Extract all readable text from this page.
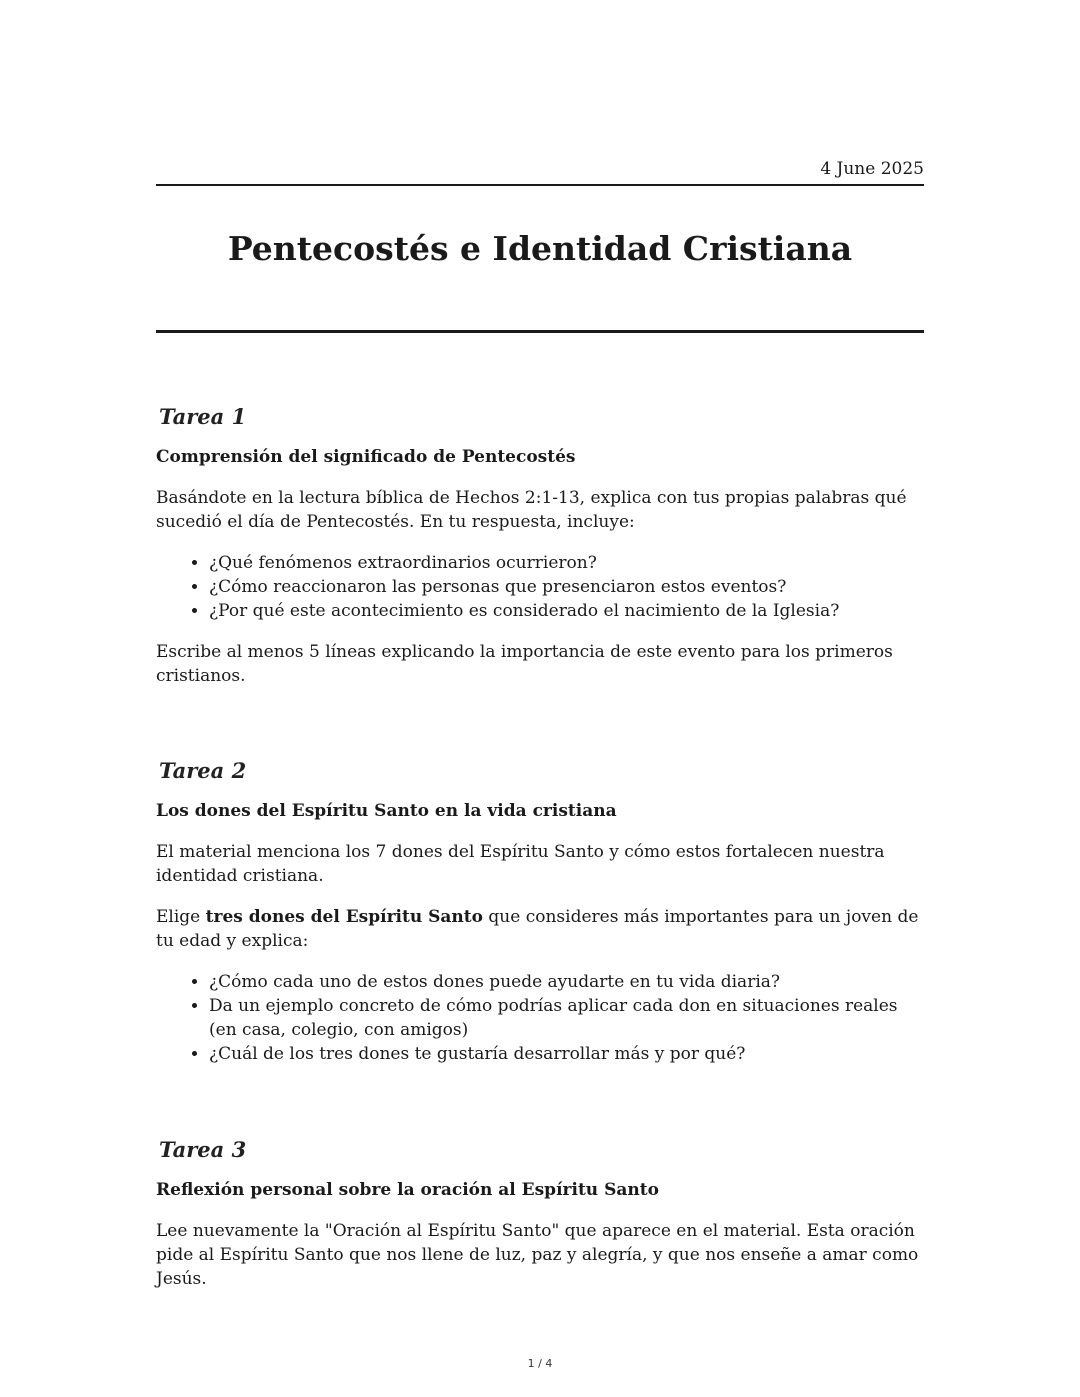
4 June 2025
Pentecostés e Identidad Cristiana
Tarea 1

Comprensión del significado de Pentecostés

Basándote en la lectura bíblica de Hechos 2:1-13, explica con tus propias palabras qué sucedió el día de Pentecostés. En tu respuesta, incluye:

• ¿Qué fenómenos extraordinarios ocurrieron?
• ¿Cómo reaccionaron las personas que presenciaron estos eventos?
• ¿Por qué este acontecimiento es considerado el nacimiento de la Iglesia?

Escribe al menos 5 líneas explicando la importancia de este evento para los primeros cristianos.

Tarea 2

Los dones del Espíritu Santo en la vida cristiana

El material menciona los 7 dones del Espíritu Santo y cómo estos fortalecen nuestra identidad cristiana.

Elige tres dones del Espíritu Santo que consideres más importantes para un joven de tu edad y explica:

• ¿Cómo cada uno de estos dones puede ayudarte en tu vida diaria?
• Da un ejemplo concreto de cómo podrías aplicar cada don en situaciones reales (en casa, colegio, con amigos)
• ¿Cuál de los tres dones te gustaría desarrollar más y por qué?
Tarea 3

Reflexión personal sobre la oración al Espíritu Santo

Lee nuevamente la "Oración al Espíritu Santo" que aparece en el material. Esta oración pide al Espíritu Santo que nos llene de luz, paz y alegría, y que nos enseñe a amar como Jesús.

1 / 4
